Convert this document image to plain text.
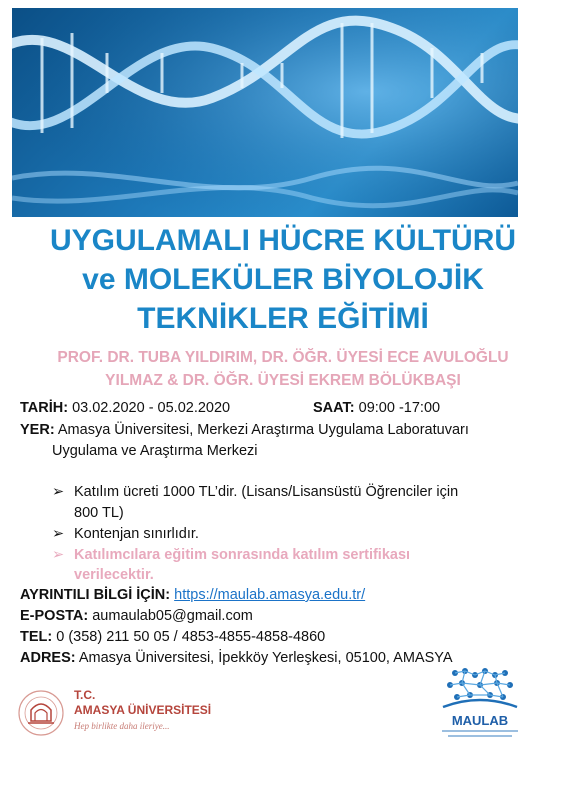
UYGULAMALI HÜCRE KÜLTÜRÜ
ve MOLEKÜLER BİYOLOJİK
TEKNİKLER EĞİTİMİ
PROF. DR. TUBA YILDIRIM, DR. ÖĞR. ÜYESİ ECE AVULOĞLU
YILMAZ & DR. ÖĞR. ÜYESİ EKREM BÖLÜKBAŞI
TARİH: 03.02.2020 - 05.02.2020	SAAT: 09:00 -17:00
YER: Amasya Üniversitesi, Merkezi Araştırma Uygulama Laboratuvarı
Uygulama ve Araştırma Merkezi
➢ Katılım ücreti 1000 TL’dir. (Lisans/Lisansüstü Öğrenciler için
800 TL)
➢ Kontenjan sınırlıdır.
➢ Katılımcılara eğitim sonrasında katılım sertifikası
verilecektir.
AYRINTILI BİLGİ İÇİN: https://maulab.amasya.edu.tr/
E-POSTA: aumaulab05@gmail.com
TEL: 0 (358) 211 50 05 / 4853-4855-4858-4860
ADRES: Amasya Üniversitesi, İpekköy Yerleşkesi, 05100, AMASYA
T.C.
AMASYA ÜNİVERSİTESİ
Hep birlikte daha ileriye...	MAULAB
